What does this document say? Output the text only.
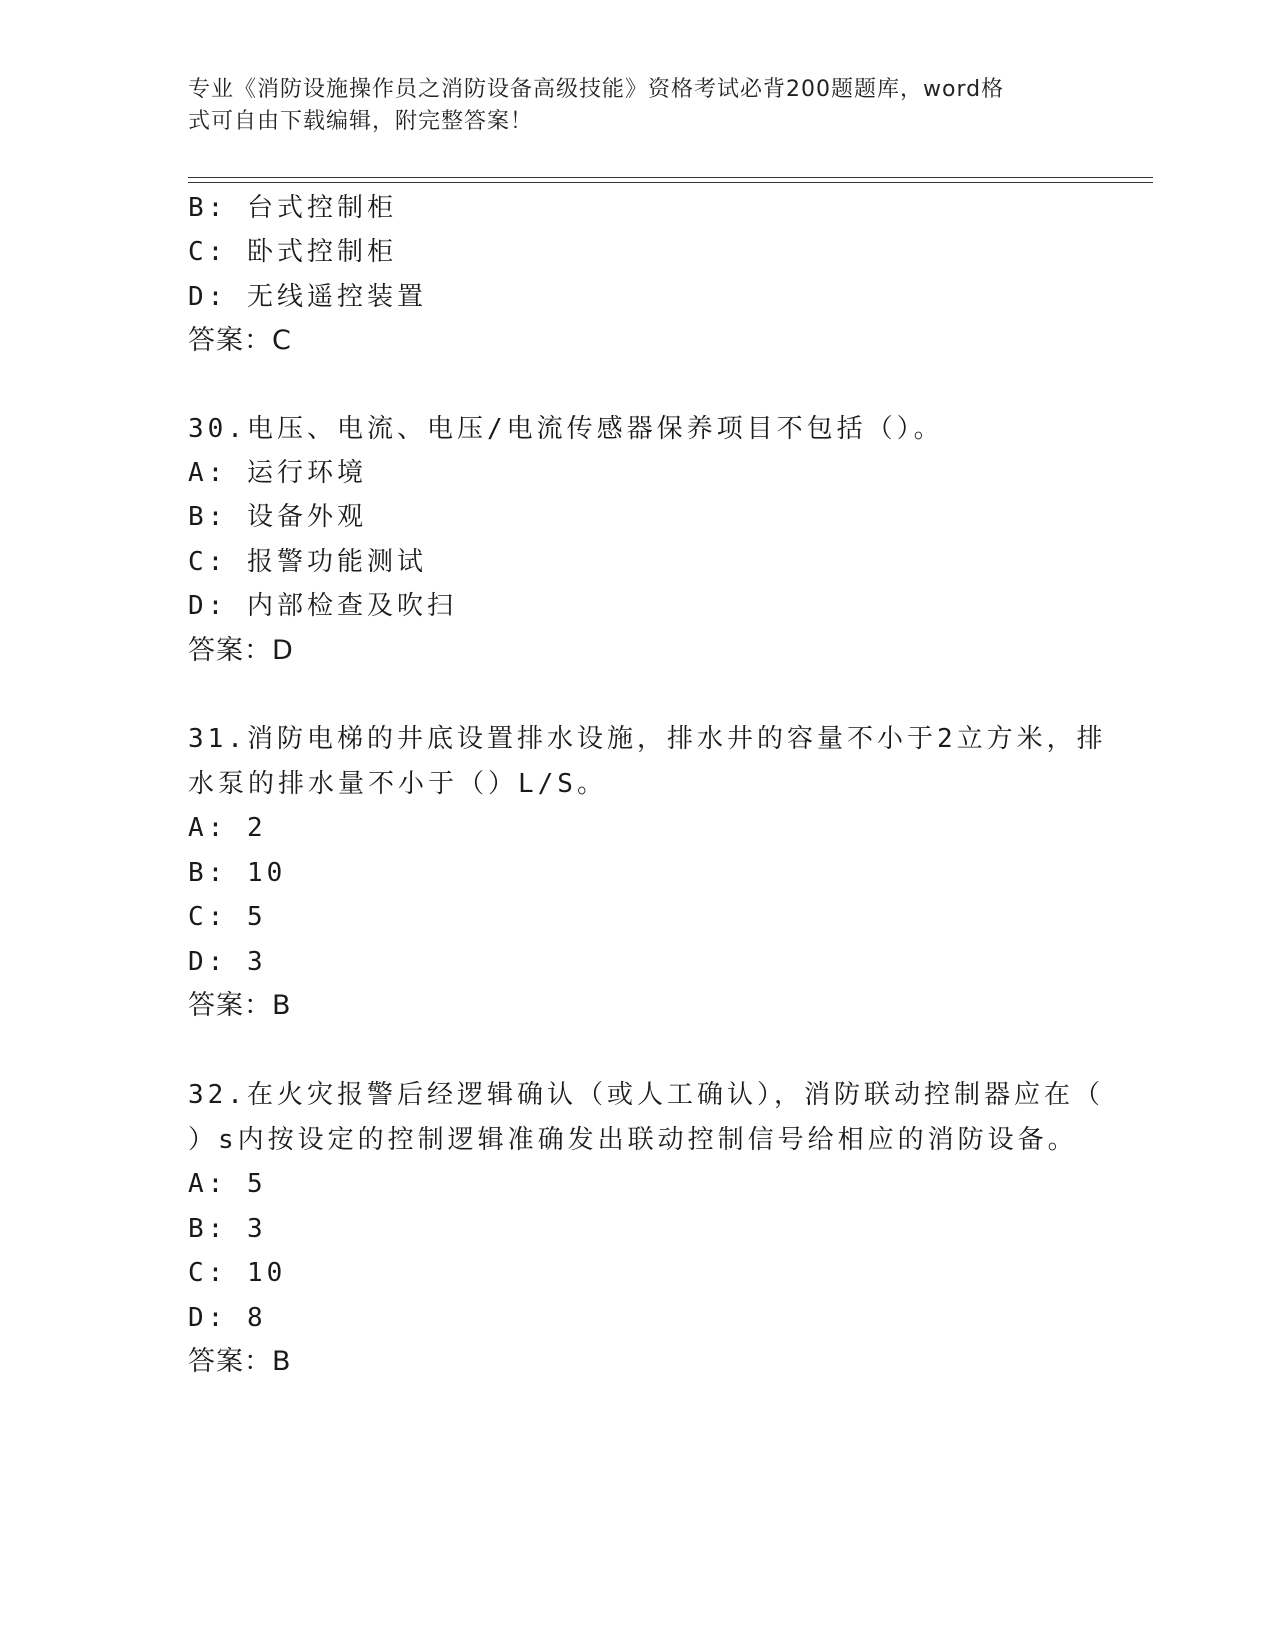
专业《消防设施操作员之消防设备高级技能》资格考试必背200题题库，word格
式可自由下载编辑，附完整答案！
B: 台式控制柜
C: 卧式控制柜
D: 无线遥控装置
答案：C
30.电压、电流、电压/电流传感器保养项目不包括（）。
A: 运行环境
B: 设备外观
C: 报警功能测试
D: 内部检查及吹扫
答案：D
31.消防电梯的井底设置排水设施，排水井的容量不小于2立方米，排
水泵的排水量不小于（）L/S。
A: 2
B: 10
C: 5
D: 3
答案：B
32.在火灾报警后经逻辑确认（或人工确认），消防联动控制器应在（
）s内按设定的控制逻辑准确发出联动控制信号给相应的消防设备。
A: 5
B: 3
C: 10
D: 8
答案：B
